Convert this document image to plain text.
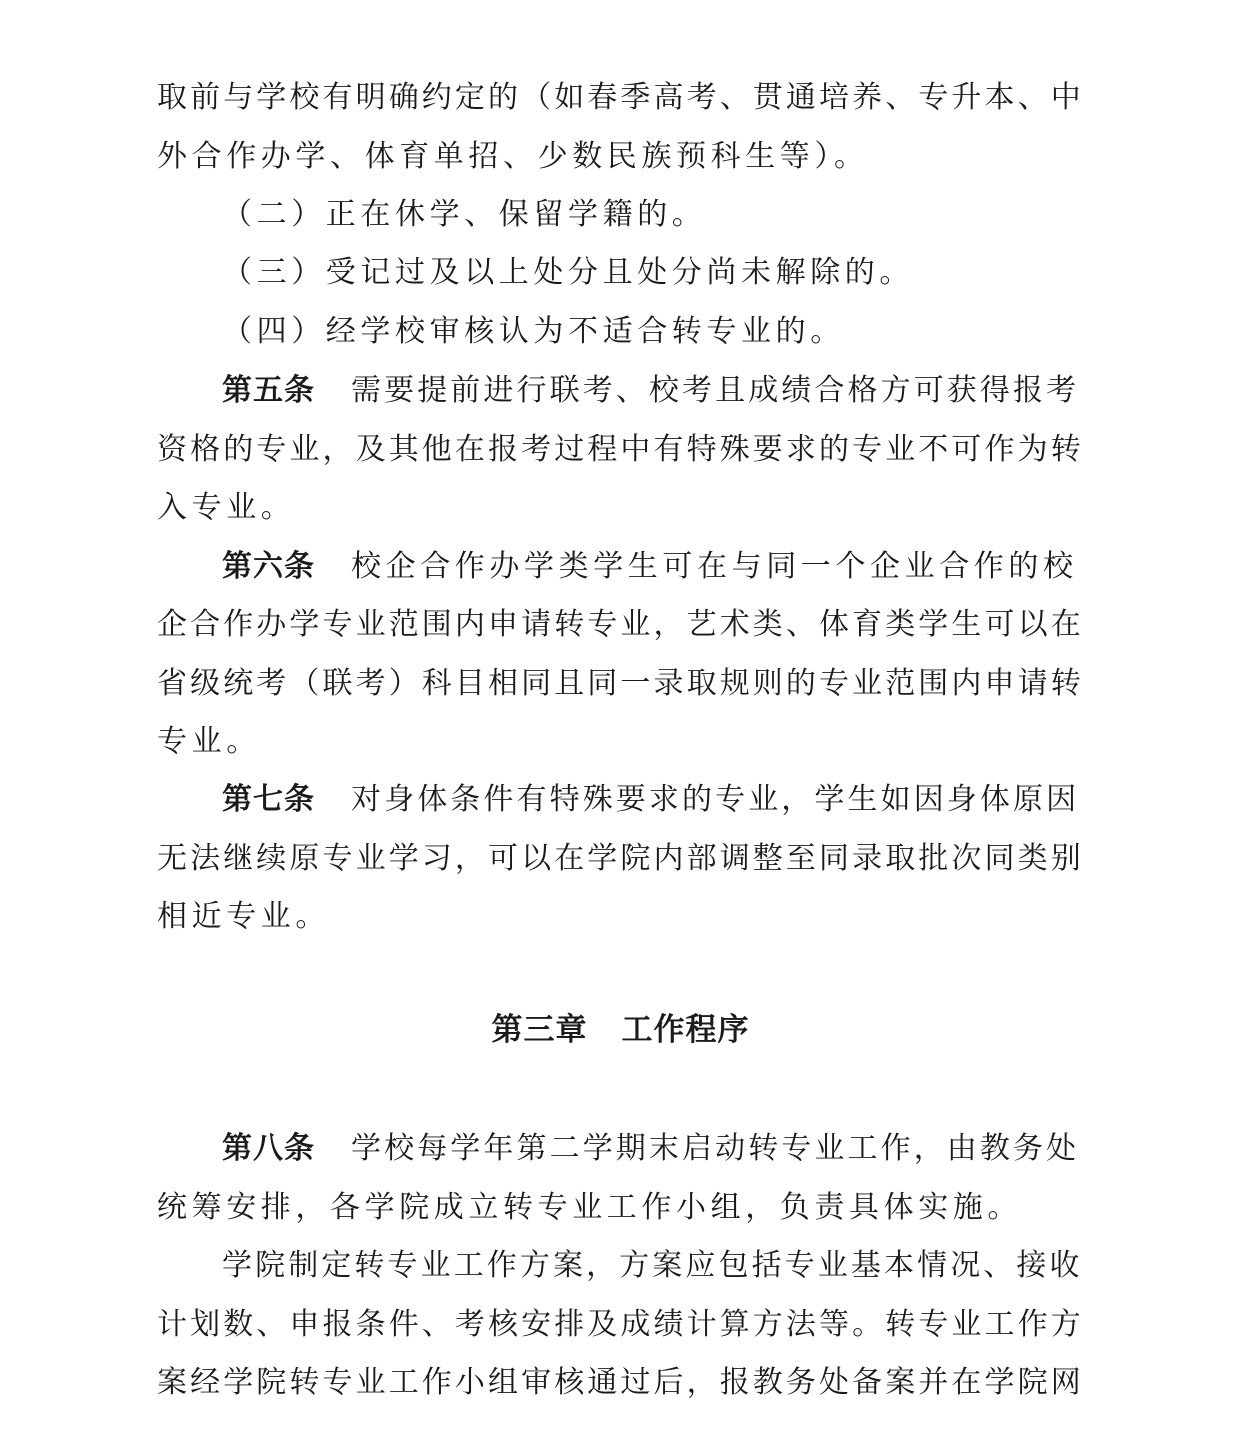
取前与学校有明确约定的（如春季高考、贯通培养、专升本、中
外合作办学、体育单招、少数民族预科生等）。
（二）正在休学、保留学籍的。
（三）受记过及以上处分且处分尚未解除的。
（四）经学校审核认为不适合转专业的。
第五条 需要提前进行联考、校考且成绩合格方可获得报考
资格的专业，及其他在报考过程中有特殊要求的专业不可作为转
入专业。
第六条 校企合作办学类学生可在与同一个企业合作的校
企合作办学专业范围内申请转专业，艺术类、体育类学生可以在
省级统考（联考）科目相同且同一录取规则的专业范围内申请转
专业。
第七条 对身体条件有特殊要求的专业，学生如因身体原因
无法继续原专业学习，可以在学院内部调整至同录取批次同类别
相近专业。
第三章 工作程序
第八条 学校每学年第二学期末启动转专业工作，由教务处
统筹安排，各学院成立转专业工作小组，负责具体实施。
学院制定转专业工作方案，方案应包括专业基本情况、接收
计划数、申报条件、考核安排及成绩计算方法等。转专业工作方
案经学院转专业工作小组审核通过后，报教务处备案并在学院网
